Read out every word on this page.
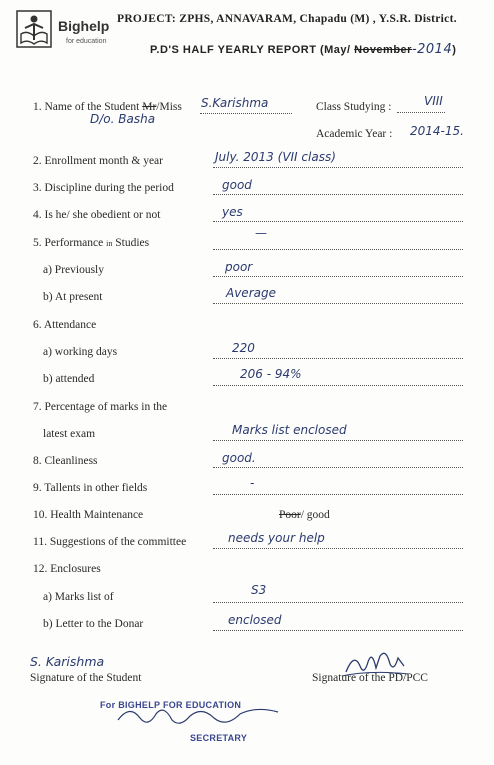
Bighelp
for education
PROJECT: ZPHS, ANNAVARAM, Chapadu (M) , Y.S.R. District.
P.D'S HALF YEARLY REPORT (May/ November-2014)
1. Name of the Student Mr/Miss S.Karishma
D/o. Basha
Class Studying :	VIII
Academic Year : 2014-15.
2. Enrollment month & year	July. 2013 (VII class)
3. Discipline during the period	good
4. Is he/ she obedient or not	yes
5. Performance in Studies
—
a) Previously	poor
b) At present	Average
6. Attendance
a) working days	220
b) attended	206 - 94%
7. Percentage of marks in the
latest exam	Marks list enclosed
8. Cleanliness	good.
9. Tallents in other fields	-
10. Health Maintenance	Poor/ good
11. Suggestions of the committee	needs your help
12. Enclosures
a) Marks list of	S3
b) Letter to the Donar	enclosed
S. Karishma
Signature of the Student	Signature of the PD/PCC
For BIGHELP FOR EDUCATION
SECRETARY
